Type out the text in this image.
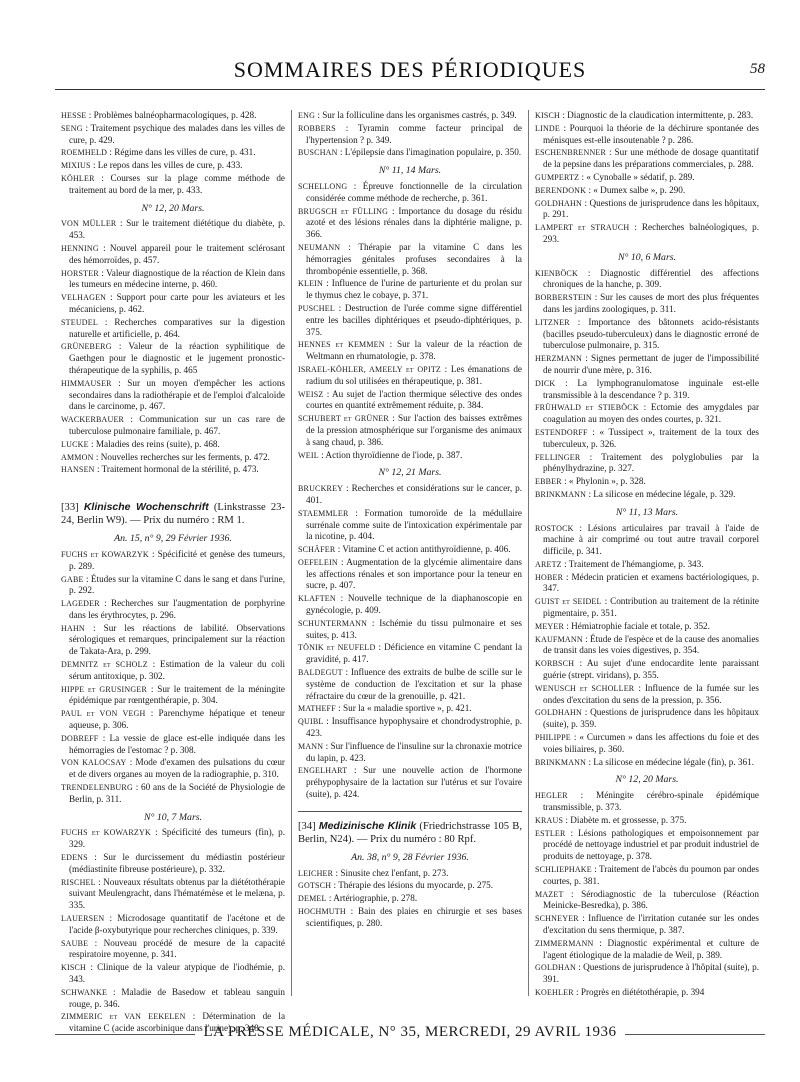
SOMMAIRES DES PÉRIODIQUES	58
HESSE : Problèmes balnéopharmacologiques, p. 428.
SENG : Traitement psychique des malades dans les villes de cure, p. 429.
ROEMHELD : Régime dans les villes de cure, p. 431.
MIXIUS : Le repos dans les villes de cure, p. 433.
KÖHLER : Courses sur la plage comme méthode de traitement au bord de la mer, p. 433.
N° 12, 20 Mars.
VON MÜLLER : Sur le traitement diététique du diabète, p. 453.
HENNING : Nouvel appareil pour le traitement sclérosant des hémorroïdes, p. 457.
HORSTER : Valeur diagnostique de la réaction de Klein dans les tumeurs en médecine interne, p. 460.
VELHAGEN : Support pour carte pour les aviateurs et les mécaniciens, p. 462.
STEUDEL : Recherches comparatives sur la digestion naturelle et artificielle, p. 464.
GRÜNEBERG : Valeur de la réaction syphilitique de Gaethgen pour le diagnostic et le jugement pronostic-thérapeutique de la syphilis, p. 465
HIMMAUSER : Sur un moyen d'empêcher les actions secondaires dans la radiothérapie et de l'emploi d'alcaloïde dans le carcinome, p. 467.
WACKERBAUER : Communication sur un cas rare de tuberculose pulmonaire familiale, p. 467.
LUCKE : Maladies des reins (suite), p. 468.
AMMON : Nouvelles recherches sur les ferments, p. 472.
HANSEN : Traitement hormonal de la stérilité, p. 473.
[33] Klinische Wochenschrift (Linkstrasse 23-24, Berlin W9). — Prix du numéro : RM 1.
An. 15, n° 9, 29 Février 1936.
FUCHS et KOWARZYK : Spécificité et genèse des tumeurs, p. 289.
GABE : Études sur la vitamine C dans le sang et dans l'urine, p. 292.
LAGEDER : Recherches sur l'augmentation de porphyrine dans les érythrocytes, p. 296.
HAHN : Sur les réactions de labilité. Observations sérologiques et remarques, principalement sur la réaction de Takata-Ara, p. 299.
DEMNITZ et SCHOLZ : Estimation de la valeur du coli sérum antitoxique, p. 302.
HIPPE et GRUSINGER : Sur le traitement de la méningite épidémique par rœntgenthérapie, p. 304.
PAUL et VON VEGH : Parenchyme hépatique et teneur aqueuse, p. 306.
DOBREFF : La vessie de glace est-elle indiquée dans les hémorragies de l'estomac ? p. 308.
VON KALOCSAY : Mode d'examen des pulsations du cœur et de divers organes au moyen de la radiographie, p. 310.
TRENDELENBURG : 60 ans de la Société de Physiologie de Berlin, p. 311.
N° 10, 7 Mars.
FUCHS et KOWARZYK : Spécificité des tumeurs (fin), p. 329.
EDENS : Sur le durcissement du médiastin postérieur (médiastinite fibreuse postérieure), p. 332.
RISCHEL : Nouveaux résultats obtenus par la diététothérapie suivant Meulengracht, dans l'hématémèse et le melæna, p. 335.
LAUERSEN : Microdosage quantitatif de l'acétone et de l'acide β-oxybutyrique pour recherches cliniques, p. 339.
SAUBE : Nouveau procédé de mesure de la capacité respiratoire moyenne, p. 341.
KISCH : Clinique de la valeur atypique de l'iodhémie, p. 343.
SCHWANKE : Maladie de Basedow et tableau sanguin rouge, p. 346.
ZIMMERIC et VAN EEKELEN : Détermination de la vitamine C (acide ascorbinique dans l'urine), p. 348.
ENG : Sur la folliculine dans les organismes castrés, p. 349.
ROBBERS : Tyramin comme facteur principal de l'hypertension ? p. 349.
BUSCHAN : L'épilepsie dans l'imagination populaire, p. 350.
N° 11, 14 Mars.
SCHELLONG : Épreuve fonctionnelle de la circulation considérée comme méthode de recherche, p. 361.
BRUGSCH et FÜLLING : Importance du dosage du résidu azoté et des lésions rénales dans la diphtérie maligne, p. 366.
NEUMANN : Thérapie par la vitamine C dans les hémorragies génitales profuses secondaires à la thrombopénie essentielle, p. 368.
KLEIN : Influence de l'urine de parturiente et du prolan sur le thymus chez le cobaye, p. 371.
PUSCHEL : Destruction de l'urée comme signe différentiel entre les bacilles diphtériques et pseudo-diphtériques, p. 375.
HENNES et KEMMEN : Sur la valeur de la réaction de Weltmann en rhumatologie, p. 378.
ISRAEL-KÖHLER, AMEELY et OPITZ : Les émanations de radium du sol utilisées en thérapeutique, p. 381.
WEISZ : Au sujet de l'action thermique sélective des ondes courtes en quantité extrêmement réduite, p. 384.
SCHUBERT et GRÜNER : Sur l'action des baisses extrêmes de la pression atmosphérique sur l'organisme des animaux à sang chaud, p. 386.
WEIL : Action thyroïdienne de l'iode, p. 387.
N° 12, 21 Mars.
BRUCKREY : Recherches et considérations sur le cancer, p. 401.
STAEMMLER : Formation tumoroïde de la médullaire surrénale comme suite de l'intoxication expérimentale par la nicotine, p. 404.
SCHÄFER : Vitamine C et action antithyroïdienne, p. 406.
OEFELEIN : Augmentation de la glycémie alimentaire dans les affections rénales et son importance pour la teneur en sucre, p. 407.
KLAFTEN : Nouvelle technique de la diaphanoscopie en gynécologie, p. 409.
SCHUNTERMANN : Ischémie du tissu pulmonaire et ses suites, p. 413.
TÖNIK et NEUFELD : Déficience en vitamine C pendant la gravidité, p. 417.
BALDEGUT : Influence des extraits de bulbe de scille sur le système de conduction de l'excitation et sur la phase réfractaire du cœur de la grenouille, p. 421.
MATHEFF : Sur la « maladie sportive », p. 421.
QUIBL : Insuffisance hypophysaire et chondrodystrophie, p. 423.
MANN : Sur l'influence de l'insuline sur la chronaxie motrice du lapin, p. 423.
ENGELHART : Sur une nouvelle action de l'hormone préhypophysaire de la lactation sur l'utérus et sur l'ovaire (suite), p. 424.
[34] Medizinische Klinik (Friedrichstrasse 105 B, Berlin, N24). — Prix du numéro : 80 Rpf.
An. 38, n° 9, 28 Février 1936.
LEICHER : Sinusite chez l'enfant, p. 273.
GOTSCH : Thérapie des lésions du myocarde, p. 275.
DEMEL : Artériographie, p. 278.
HOCHMUTH : Bain des plaies en chirurgie et ses bases scientifiques, p. 280.
KISCH : Diagnostic de la claudication intermittente, p. 283.
LINDE : Pourquoi la théorie de la déchirure spontanée des ménisques est-elle insoutenable ? p. 286.
ESCHENBRENNER : Sur une méthode de dosage quantitatif de la pepsine dans les préparations commerciales, p. 288.
GUMPERTZ : « Cynoballe » sédatif, p. 289.
BERENDONK : « Dumex salbe », p. 290.
GOLDHAHN : Questions de jurisprudence dans les hôpitaux, p. 291.
LAMPERT et STRAUCH : Recherches balnéologiques, p. 293.
N° 10, 6 Mars.
KIENBÖCK : Diagnostic différentiel des affections chroniques de la hanche, p. 309.
BORBERSTEIN : Sur les causes de mort des plus fréquentes dans les jardins zoologiques, p. 311.
LITZNER : Importance des bâtonnets acido-résistants (bacilles pseudo-tuberculeux) dans le diagnostic erroné de tuberculose pulmonaire, p. 315.
HERZMANN : Signes permettant de juger de l'impossibilité de nourrir d'une mère, p. 316.
DICK : La lymphogranulomatose inguinale est-elle transmissible à la descendance ? p. 319.
FRÜHWALD et STIEBÖCK : Ectomie des amygdales par coagulation au moyen des ondes courtes, p. 321.
ESTENDORFF : « Tussipect », traitement de la toux des tuberculeux, p. 326.
FELLINGER : Traitement des polyglobulies par la phénylhydrazine, p. 327.
EBBER : « Phylonin », p. 328.
BRINKMANN : La silicose en médecine légale, p. 329.
N° 11, 13 Mars.
ROSTOCK : Lésions articulaires par travail à l'aide de machine à air comprimé ou tout autre travail corporel difficile, p. 341.
ARETZ : Traitement de l'hémangiome, p. 343.
HOBER : Médecin praticien et examens bactériologiques, p. 347.
GUIST et SEIDEL : Contribution au traitement de la rétinite pigmentaire, p. 351.
MEYER : Hémiatrophie faciale et totale, p. 352.
KAUFMANN : Étude de l'espèce et de la cause des anomalies de transit dans les voies digestives, p. 354.
KORBSCH : Au sujet d'une endocardite lente paraissant guérie (strept. viridans), p. 355.
WENUSCH et SCHOLLER : Influence de la fumée sur les ondes d'excitation du sens de la pression, p. 356.
GOLDHAHN : Questions de jurisprudence dans les hôpitaux (suite), p. 359.
PHILIPPE : « Curcumen » dans les affections du foie et des voies biliaires, p. 360.
BRINKMANN : La silicose en médecine légale (fin), p. 361.
N° 12, 20 Mars.
HEGLER : Méningite cérébro-spinale épidémique transmissible, p. 373.
KRAUS : Diabète m. et grossesse, p. 375.
ESTLER : Lésions pathologiques et empoisonnement par procédé de nettoyage industriel et par produit industriel de produits de nettoyage, p. 378.
SCHLIEPHAKE : Traitement de l'abcès du poumon par ondes courtes, p. 381.
MAZET : Sérodiagnostic de la tuberculose (Réaction Meinicke-Besredka), p. 386.
SCHNEYER : Influence de l'irritation cutanée sur les ondes d'excitation du sens thermique, p. 387.
ZIMMERMANN : Diagnostic expérimental et culture de l'agent étiologique de la maladie de Weil, p. 389.
GOLDHAN : Questions de jurisprudence à l'hôpital (suite), p. 391.
KOEHLER : Progrès en diététothérapie, p. 394
LA PRESSE MÉDICALE, N° 35, MERCREDI, 29 AVRIL 1936
